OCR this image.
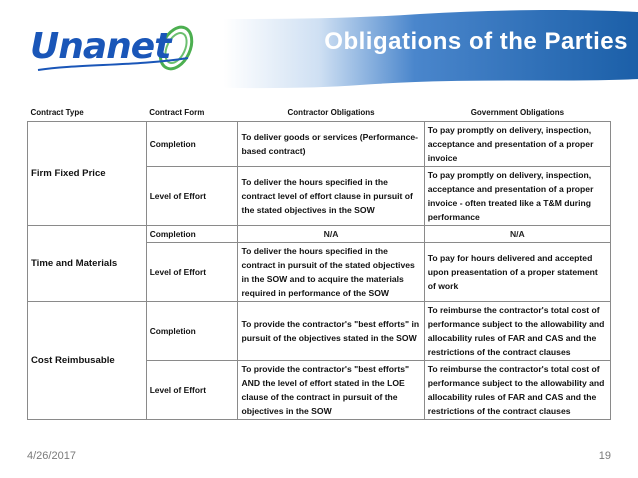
Unanet	Obligations of the Parties
Contract Type	Contract Form	Contractor Obligations	Government Obligations
Firm Fixed Price	Completion	To deliver goods or services (Performance-based contract)	To pay promptly on delivery, inspection, acceptance and presentation of a proper invoice
	Level of Effort	To deliver the hours specified in the contract level of effort clause in pursuit of the stated objectives in the SOW	To pay promptly on delivery, inspection, acceptance and presentation of a proper invoice - often treated like a T&M during performance
Time and Materials	Completion	N/A	N/A
	Level of Effort	To deliver the hours specified in the contract in pursuit of the stated objectives in the SOW and to acquire the materials required in performance of the SOW	To pay for hours delivered and accepted upon preasentation of a proper statement of work
Cost Reimbusable	Completion	To provide the contractor's "best efforts" in pursuit of the objectives stated in the SOW	To reimburse the contractor's total cost of performance subject to the allowability and allocability rules of FAR and CAS and the restrictions of the contract clauses
	Level of Effort	To provide the contractor's "best efforts" AND the level of effort stated in the LOE clause of the contract in pursuit of the objectives in the SOW	To reimburse the contractor's total cost of performance subject to the allowability and allocability rules of FAR and CAS and the restrictions of the contract clauses
4/26/2017	19
